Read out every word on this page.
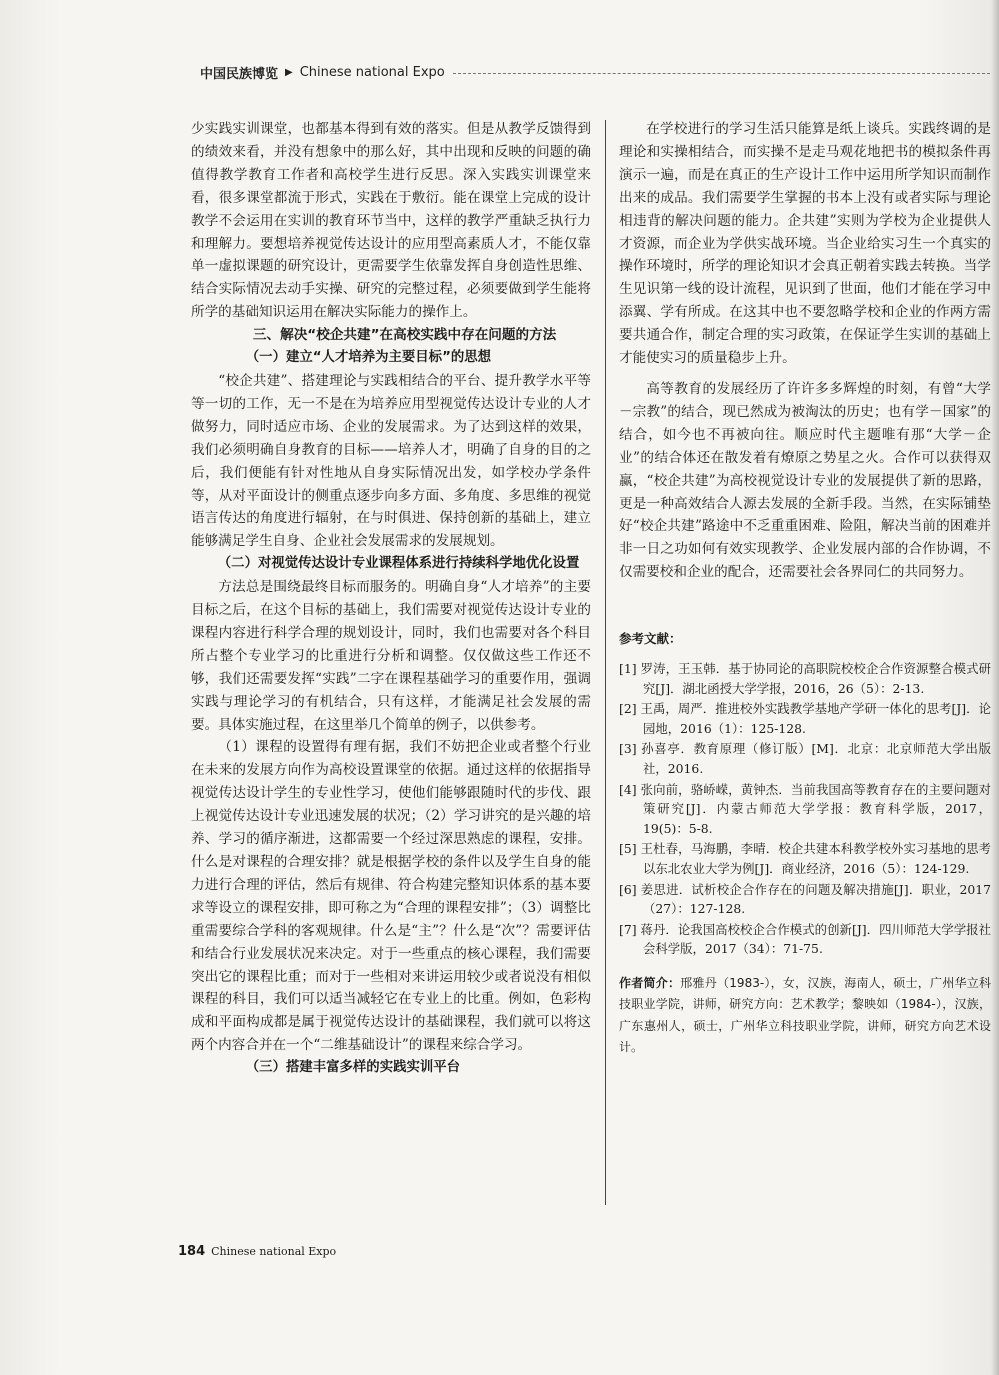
中国民族博览 ▶ Chinese national Expo

少实践实训课堂，也都基本得到有效的落实。但是从教学反馈得到的绩效来看，并没有想象中的那么好，其中出现和反映的问题的确值得教学教育工作者和高校学生进行反思。深入实践实训课堂来看，很多课堂都流于形式，实践在于敷衍。能在课堂上完成的设计教学不会运用在实训的教育环节当中，这样的教学严重缺乏执行力和理解力。要想培养视觉传达设计的应用型高素质人才，不能仅靠单一虚拟课题的研究设计，更需要学生依靠发挥自身创造性思维、结合实际情况去动手实操、研究的完整过程，必须要做到学生能将所学的基础知识运用在解决实际能力的操作上。

三、解决“校企共建”在高校实践中存在问题的方法

（一）建立“人才培养为主要目标”的思想

“校企共建”、搭建理论与实践相结合的平台、提升教学水平等等一切的工作，无一不是在为培养应用型视觉传达设计专业的人才做努力，同时适应市场、企业的发展需求。为了达到这样的效果，我们必须明确自身教育的目标——培养人才，明确了自身的目的之后，我们便能有针对性地从自身实际情况出发，如学校办学条件等，从对平面设计的侧重点逐步向多方面、多角度、多思维的视觉语言传达的角度进行辐射，在与时俱进、保持创新的基础上，建立能够满足学生自身、企业社会发展需求的发展规划。

（二）对视觉传达设计专业课程体系进行持续科学地优化设置

方法总是围绕最终目标而服务的。明确自身“人才培养”的主要目标之后，在这个目标的基础上，我们需要对视觉传达设计专业的课程内容进行科学合理的规划设计，同时，我们也需要对各个科目所占整个专业学习的比重进行分析和调整。仅仅做这些工作还不够，我们还需要发挥“实践”二字在课程基础学习的重要作用，强调实践与理论学习的有机结合，只有这样，才能满足社会发展的需要。具体实施过程，在这里举几个简单的例子，以供参考。

（1）课程的设置得有理有据，我们不妨把企业或者整个行业在未来的发展方向作为高校设置课堂的依据。通过这样的依据指导视觉传达设计学生的专业性学习，使他们能够跟随时代的步伐、跟上视觉传达设计专业迅速发展的状况；（2）学习讲究的是兴趣的培养、学习的循序渐进，这都需要一个经过深思熟虑的课程，安排。什么是对课程的合理安排？就是根据学校的条件以及学生自身的能力进行合理的评估，然后有规律、符合构建完整知识体系的基本要求等设立的课程安排，即可称之为“合理的课程安排”；（3）调整比重需要综合学科的客观规律。什么是“主”？什么是“次”？需要评估和结合行业发展状况来决定。对于一些重点的核心课程，我们需要突出它的课程比重；而对于一些相对来讲运用较少或者说没有相似课程的科目，我们可以适当减轻它在专业上的比重。例如，色彩构成和平面构成都是属于视觉传达设计的基础课程，我们就可以将这两个内容合并在一个“二维基础设计”的课程来综合学习。

（三）搭建丰富多样的实践实训平台

在学校进行的学习生活只能算是纸上谈兵。实践终调的是理论和实操相结合，而实操不是走马观花地把书的模拟条件再演示一遍，而是在真正的生产设计工作中运用所学知识而制作出来的成品。我们需要学生掌握的书本上没有或者实际与理论相违背的解决问题的能力。企共建”实则为学校为企业提供人才资源，而企业为学供实战环境。当企业给实习生一个真实的操作环境时，所学的理论知识才会真正朝着实践去转换。当学生见识第一线的设计流程，见识到了世面，他们才能在学习中添翼、学有所成。在这其中也不要忽略学校和企业的作两方需要共通合作，制定合理的实习政策，在保证学生实训的基础上才能使实习的质量稳步上升。

高等教育的发展经历了许许多多辉煌的时刻，有曾“大学－宗教”的结合，现已然成为被淘汰的历史；也有学－国家”的结合，如今也不再被向往。顺应时代主题唯有那“大学－企业”的结合体还在散发着有燎原之势星之火。合作可以获得双赢，“校企共建”为高校视觉设计专业的发展提供了新的思路，更是一种高效结合人源去发展的全新手段。当然，在实际铺垫好“校企共建”路途中不乏重重困难、险阻，解决当前的困难并非一日之功如何有效实现教学、企业发展内部的合作协调，不仅需要校和企业的配合，还需要社会各界同仁的共同努力。

参考文献：
[1] 罗涛，王玉韩．基于协同论的高职院校校企合作资源整合模式研究[J]．湖北函授大学学报，2016，26（5）：2-13.
[2] 王禹，周严．推进校外实践教学基地产学研一体化的思考[J]．论园地，2016（1）：125-128.
[3] 孙喜亭．教育原理（修订版）[M]．北京：北京师范大学出版社，2016.
[4] 张向前，骆峤嵘，黄钟杰．当前我国高等教育存在的主要问题对策研究[J]．内蒙古师范大学学报：教育科学版，2017，19(5)：5-8.
[5] 王杜春，马海鹏，李晴．校企共建本科教学校外实习基地的思考以东北农业大学为例[J]．商业经济，2016（5）：124-129.
[6] 姜思进．试析校企合作存在的问题及解决措施[J]．职业，2017（27）：127-128.
[7] 蒋丹．论我国高校校企合作模式的创新[J]．四川师范大学学报社会科学版，2017（34）：71-75.
作者简介：邢雅丹（1983-），女，汉族，海南人，硕士，广州华立科技职业学院，讲师，研究方向：艺术教学；黎映如（1984-），汉族，广东惠州人，硕士，广州华立科技职业学院，讲师，研究方向艺术设计。
184 Chinese national Expo
